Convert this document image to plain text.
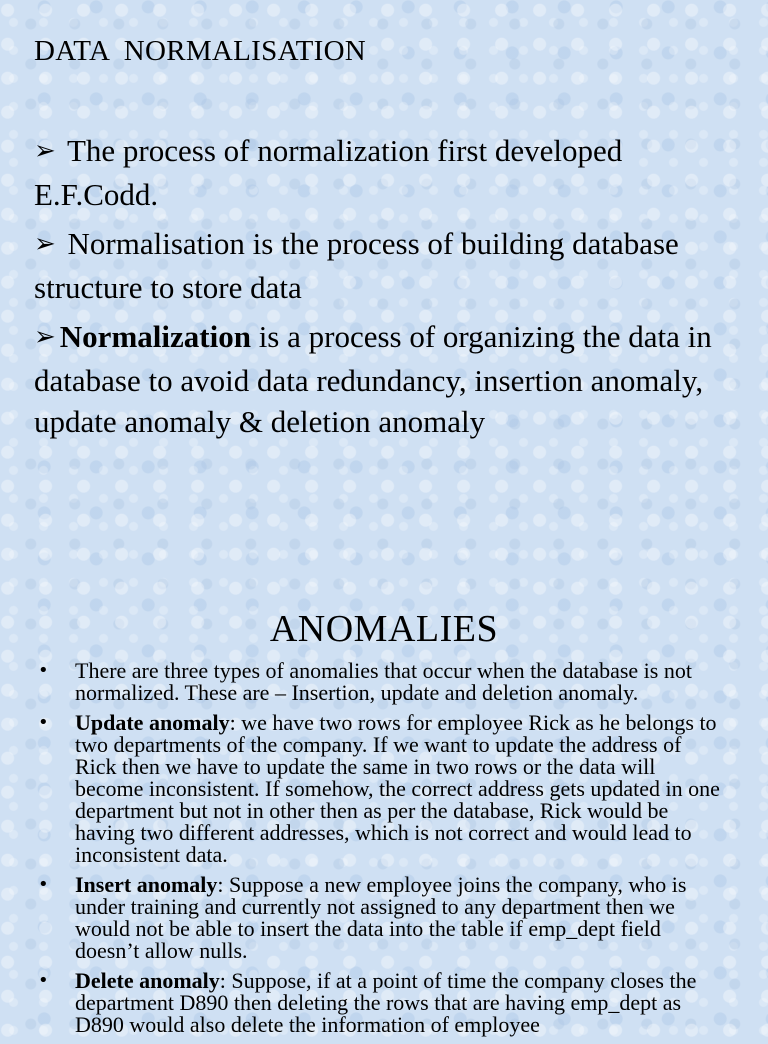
DATA  NORMALISATION
➢ The process of normalization first developed E.F.Codd.
➢ Normalisation is the process of building database structure to store data
➢ Normalization is a process of organizing the data in database to avoid data redundancy, insertion anomaly, update anomaly & deletion anomaly
ANOMALIES
• There are three types of anomalies that occur when the database is not normalized. These are – Insertion, update and deletion anomaly.
• Update anomaly: we have two rows for employee Rick as he belongs to two departments of the company. If we want to update the address of Rick then we have to update the same in two rows or the data will become inconsistent. If somehow, the correct address gets updated in one department but not in other then as per the database, Rick would be having two different addresses, which is not correct and would lead to inconsistent data.
• Insert anomaly: Suppose a new employee joins the company, who is under training and currently not assigned to any department then we would not be able to insert the data into the table if emp_dept field doesn’t allow nulls.
• Delete anomaly: Suppose, if at a point of time the company closes the department D890 then deleting the rows that are having emp_dept as D890 would also delete the information of employee
